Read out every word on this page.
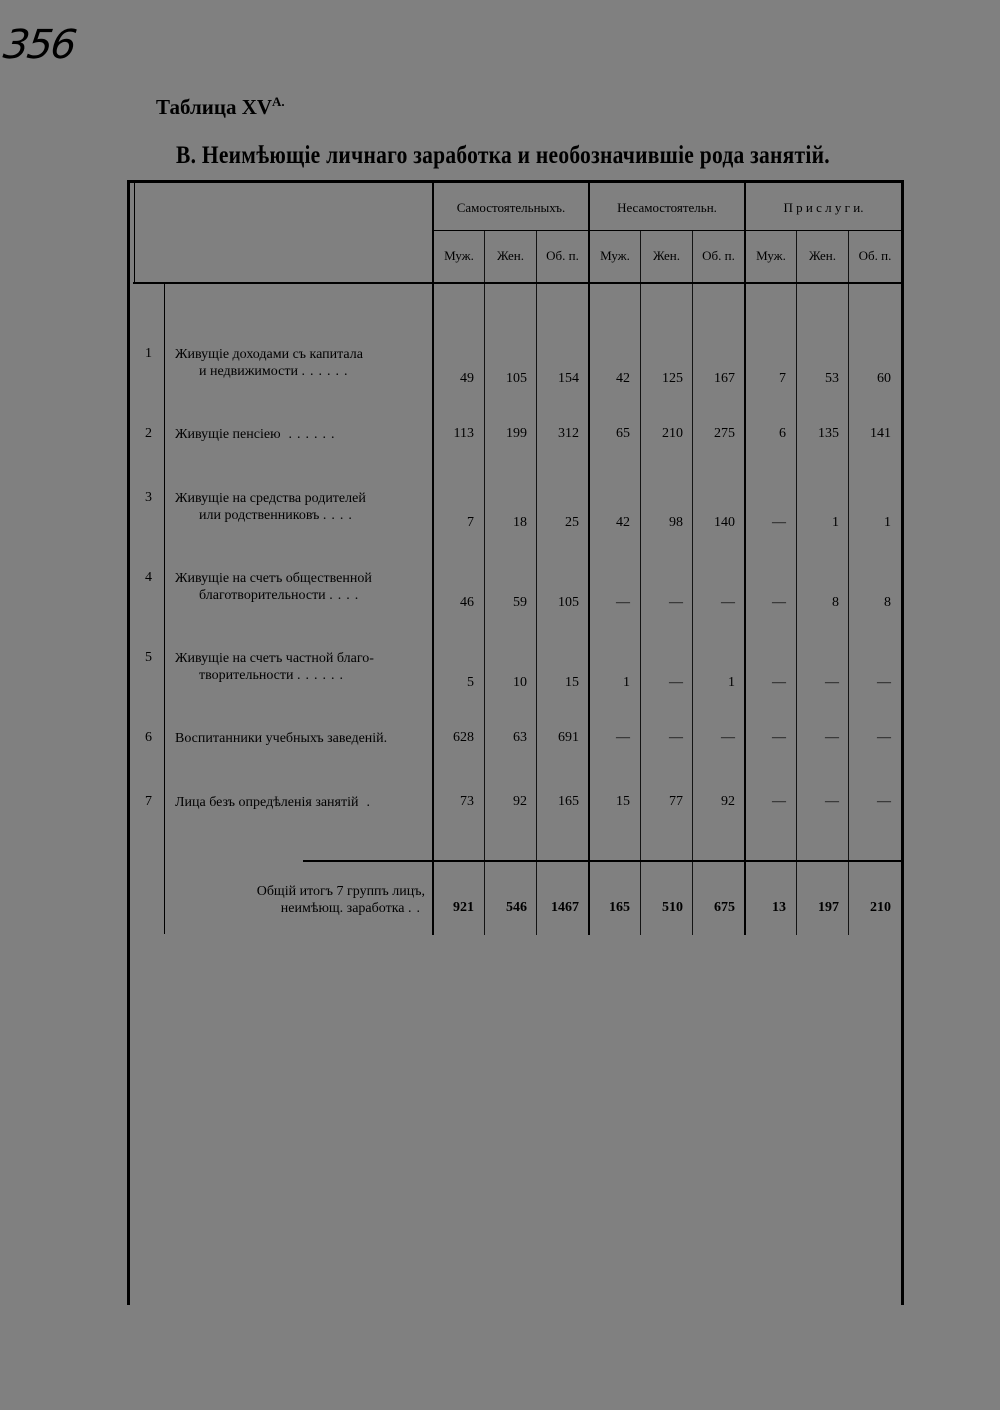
356
Таблица $XV^{A.}$
В. Неимѣющіе личнаго заработка и необозначившіе рода занятій.
Самостоятельныхъ.	Несамостоятельн.	П р и с л у г и.
Муж.	Жен.	Об. п.	Муж.	Жен.	Об. п.	Муж.	Жен.	Об. п.
1 Живущіе доходами съ капитала
и недвижимости ......	49	105	154	42	125	167	7	53	60
2 Живущіе пенсіею ......	113	199	312	65	210	275	6	135	141
3 Живущіе на средства родителей
или родственниковъ ....	7	18	25	42	98	140	—	1	1
4 Живущіе на счетъ общественной
благотворительности ....	46	59	105	—	—	—	—	8	8
5 Живущіе на счетъ частной благо-
творительности ......	5	10	15	1	—	1	—	—	—
6 Воспитанники учебныхъ заведеній.	628	63	691	—	—	—	—	—	—
7 Лица безъ опредѣленія занятій .	73	92	165	15	77	92	—	—	—
Общій итогъ 7 группъ лицъ,
неимѣющ. заработка ..	921	546	1467	165	510	675	13	197	210
